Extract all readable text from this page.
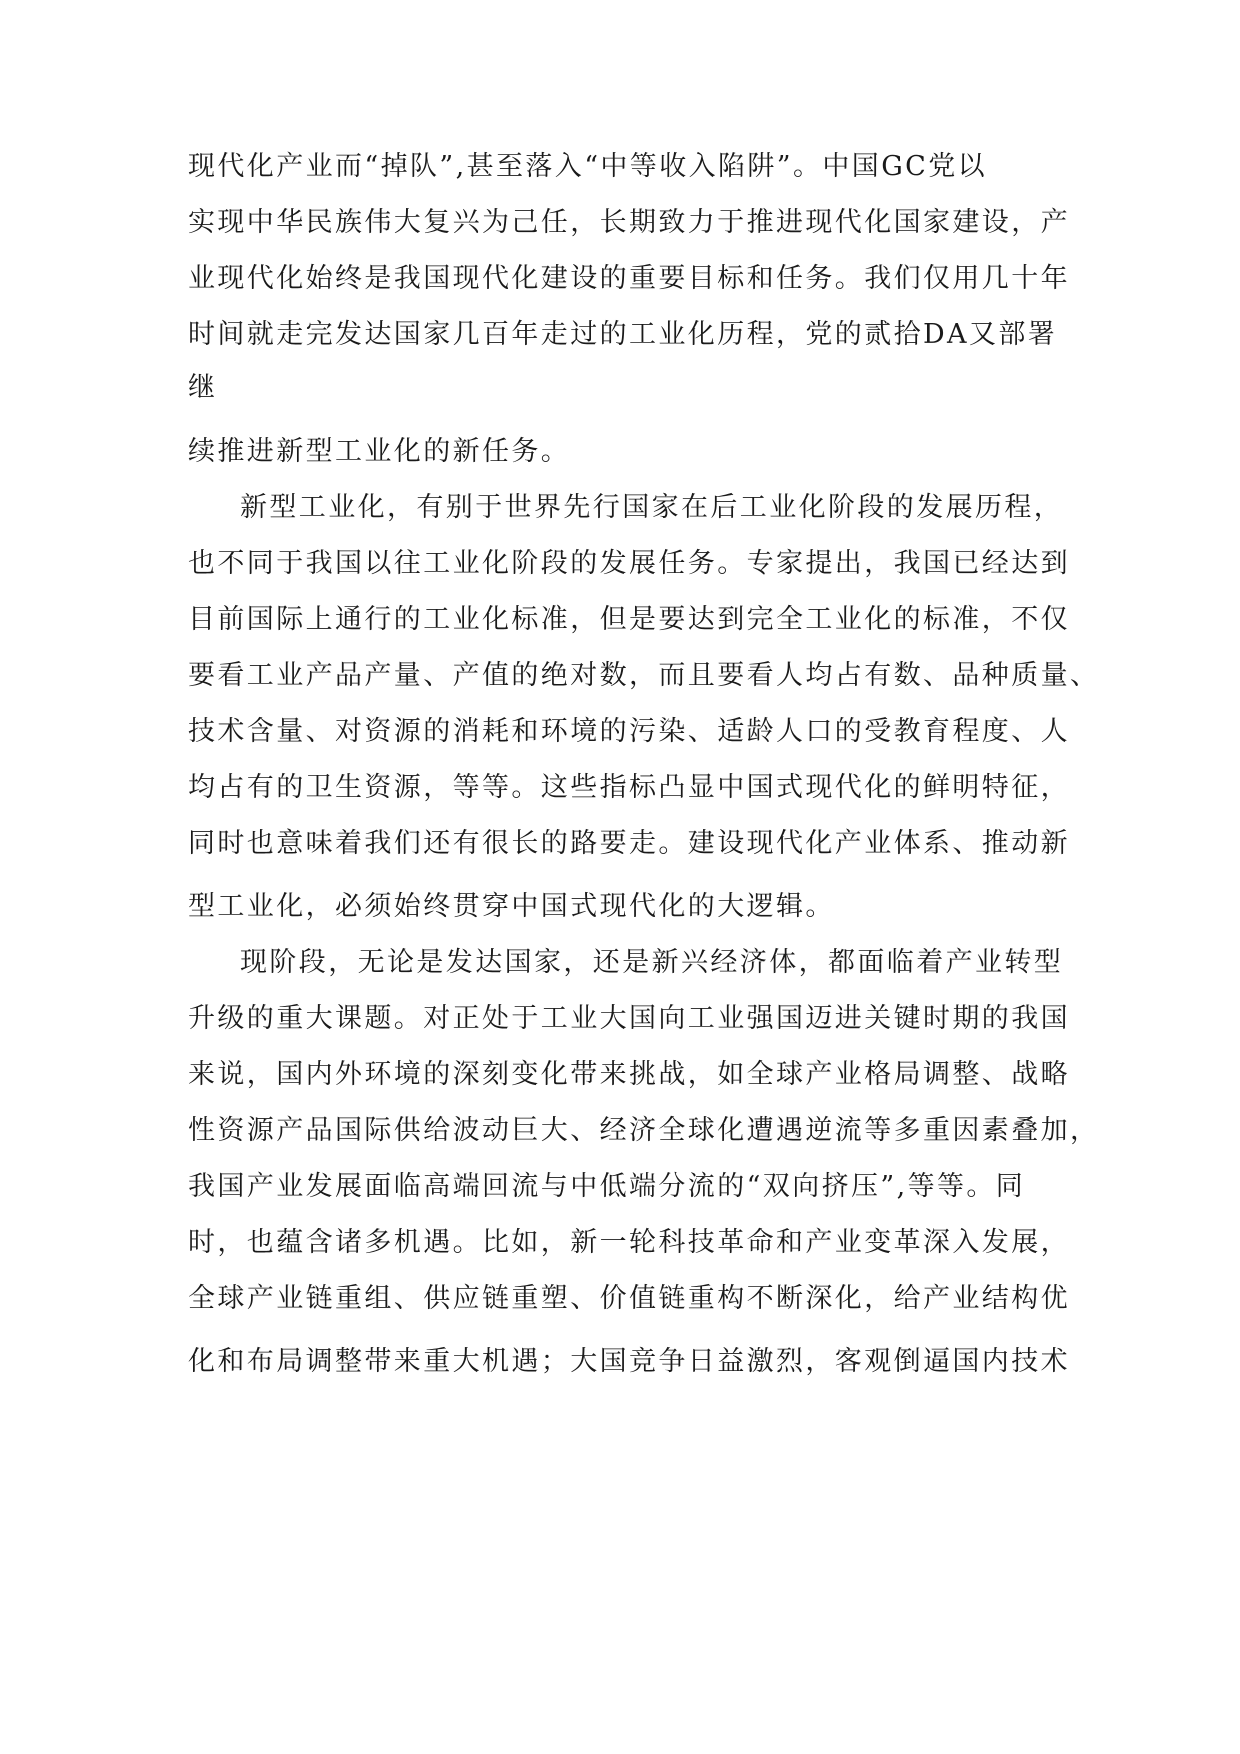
现代化产业而“掉队”,甚至落入“中等收入陷阱”。中国GC党以
实现中华民族伟大复兴为己任，长期致力于推进现代化国家建设，产
业现代化始终是我国现代化建设的重要目标和任务。我们仅用几十年
时间就走完发达国家几百年走过的工业化历程，党的贰拾DA又部署
继
续推进新型工业化的新任务。
新型工业化，有别于世界先行国家在后工业化阶段的发展历程，
也不同于我国以往工业化阶段的发展任务。专家提出，我国已经达到
目前国际上通行的工业化标准，但是要达到完全工业化的标准，不仅
要看工业产品产量、产值的绝对数，而且要看人均占有数、品种质量、
技术含量、对资源的消耗和环境的污染、适龄人口的受教育程度、人
均占有的卫生资源，等等。这些指标凸显中国式现代化的鲜明特征，
同时也意味着我们还有很长的路要走。建设现代化产业体系、推动新
型工业化，必须始终贯穿中国式现代化的大逻辑。
现阶段，无论是发达国家，还是新兴经济体，都面临着产业转型
升级的重大课题。对正处于工业大国向工业强国迈进关键时期的我国
来说，国内外环境的深刻变化带来挑战，如全球产业格局调整、战略
性资源产品国际供给波动巨大、经济全球化遭遇逆流等多重因素叠加，
我国产业发展面临高端回流与中低端分流的“双向挤压”,等等。同
时，也蕴含诸多机遇。比如，新一轮科技革命和产业变革深入发展，
全球产业链重组、供应链重塑、价值链重构不断深化，给产业结构优
化和布局调整带来重大机遇；大国竞争日益激烈，客观倒逼国内技术
